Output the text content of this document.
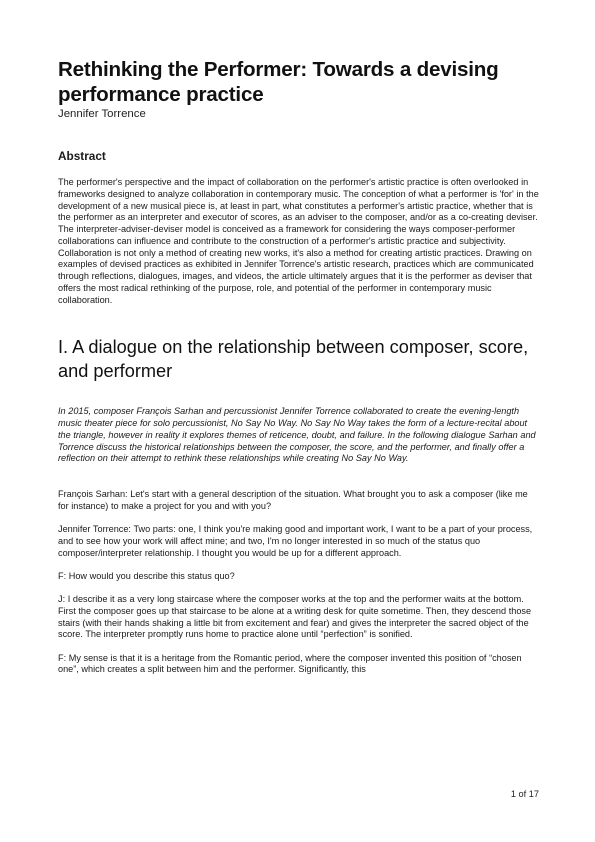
Rethinking the Performer: Towards a devising performance practice
Jennifer Torrence
Abstract

The performer's perspective and the impact of collaboration on the performer's artistic practice is often overlooked in frameworks designed to analyze collaboration in contemporary music. The conception of what a performer is 'for' in the development of a new musical piece is, at least in part, what constitutes a performer's artistic practice, whether that is the performer as an interpreter and executor of scores, as an adviser to the composer, and/or as a co-creating deviser. The interpreter-adviser-deviser model is conceived as a framework for considering the ways composer-performer collaborations can influence and contribute to the construction of a performer's artistic practice and subjectivity. Collaboration is not only a method of creating new works, it's also a method for creating artistic practices. Drawing on examples of devised practices as exhibited in Jennifer Torrence's artistic research, practices which are communicated through reflections, dialogues, images, and videos, the article ultimately argues that it is the performer as deviser that offers the most radical rethinking of the purpose, role, and potential of the performer in contemporary music collaboration.

I. A dialogue on the relationship between composer, score, and performer

In 2015, composer François Sarhan and percussionist Jennifer Torrence collaborated to create the evening-length music theater piece for solo percussionist, No Say No Way. No Say No Way takes the form of a lecture-recital about the triangle, however in reality it explores themes of reticence, doubt, and failure. In the following dialogue Sarhan and Torrence discuss the historical relationships between the composer, the score, and the performer, and finally offer a reflection on their attempt to rethink these relationships while creating No Say No Way.

François Sarhan: Let's start with a general description of the situation. What brought you to ask a composer (like me for instance) to make a project for you and with you?

Jennifer Torrence: Two parts: one, I think you're making good and important work, I want to be a part of your process, and to see how your work will affect mine; and two, I'm no longer interested in so much of the status quo composer/interpreter relationship. I thought you would be up for a different approach.

F: How would you describe this status quo?

J: I describe it as a very long staircase where the composer works at the top and the performer waits at the bottom. First the composer goes up that staircase to be alone at a writing desk for quite sometime. Then, they descend those stairs (with their hands shaking a little bit from excitement and fear) and gives the interpreter the sacred object of the score. The interpreter promptly runs home to practice alone until “perfection” is sonified.

F: My sense is that it is a heritage from the Romantic period, where the composer invented this position of “chosen one”, which creates a split between him and the performer. Significantly, this

1 of 17
